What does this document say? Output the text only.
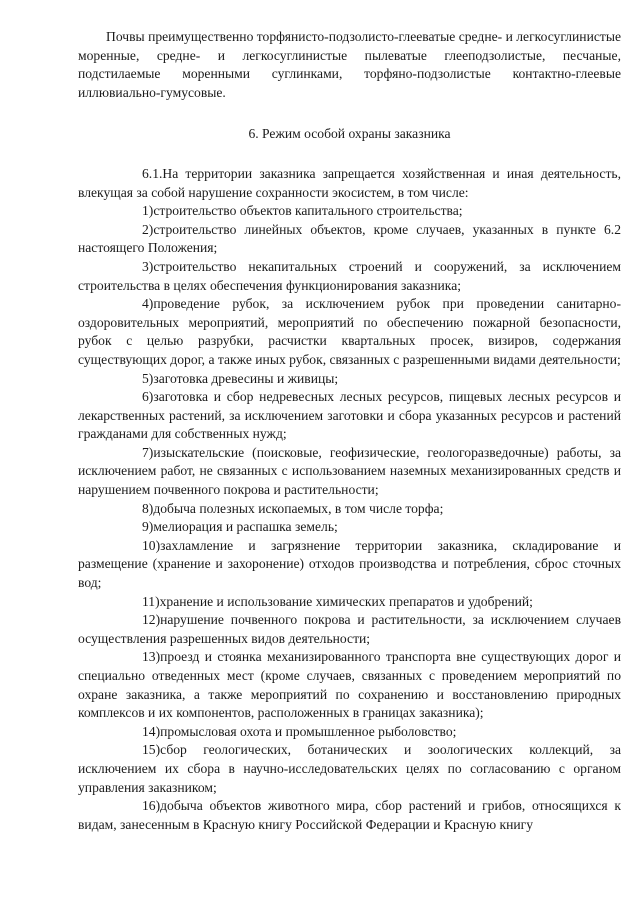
Почвы преимущественно торфянисто-подзолисто-глееватые средне- и легкосуглинистые моренные, средне- и легкосуглинистые пылеватые глееподзолистые, песчаные, подстилаемые моренными суглинками, торфяно-подзолистые контактно-глеевые иллювиально-гумусовые.

6. Режим особой охраны заказника

6.1.На территории заказника запрещается хозяйственная и иная деятельность, влекущая за собой нарушение сохранности экосистем, в том числе:

1)строительство объектов капитального строительства;

2)строительство линейных объектов, кроме случаев, указанных в пункте 6.2 настоящего Положения;

3)строительство некапитальных строений и сооружений, за исключением строительства в целях обеспечения функционирования заказника;

4)проведение рубок, за исключением рубок при проведении санитарно-оздоровительных мероприятий, мероприятий по обеспечению пожарной безопасности, рубок с целью разрубки, расчистки квартальных просек, визиров, содержания существующих дорог, а также иных рубок, связанных с разрешенными видами деятельности;

5)заготовка древесины и живицы;

6)заготовка и сбор недревесных лесных ресурсов, пищевых лесных ресурсов и лекарственных растений, за исключением заготовки и сбора указанных ресурсов и растений гражданами для собственных нужд;

7)изыскательские (поисковые, геофизические, геологоразведочные) работы, за исключением работ, не связанных с использованием наземных механизированных средств и нарушением почвенного покрова и растительности;

8)добыча полезных ископаемых, в том числе торфа;

9)мелиорация и распашка земель;

10)захламление и загрязнение территории заказника, складирование и размещение (хранение и захоронение) отходов производства и потребления, сброс сточных вод;

11)хранение и использование химических препаратов и удобрений;

12)нарушение почвенного покрова и растительности, за исключением случаев осуществления разрешенных видов деятельности;

13)проезд и стоянка механизированного транспорта вне существующих дорог и специально отведенных мест (кроме случаев, связанных с проведением мероприятий по охране заказника, а также мероприятий по сохранению и восстановлению природных комплексов и их компонентов, расположенных в границах заказника);

14)промысловая охота и промышленное рыболовство;

15)сбор геологических, ботанических и зоологических коллекций, за исключением их сбора в научно-исследовательских целях по согласованию с органом управления заказником;

16)добыча объектов животного мира, сбор растений и грибов, относящихся к видам, занесенным в Красную книгу Российской Федерации и Красную книгу
